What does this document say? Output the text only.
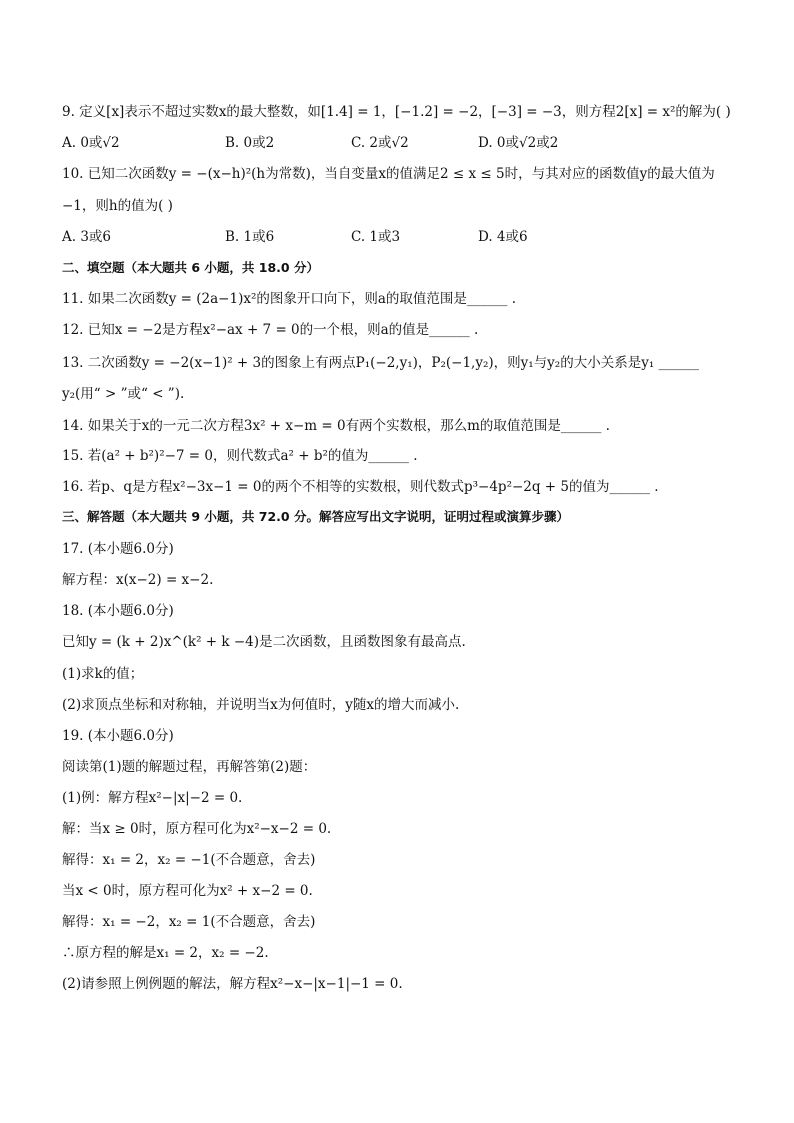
9. 定义[x]表示不超过实数x的最大整数，如[1.4] = 1，[−1.2] = −2，[−3] = −3，则方程2[x] = x²的解为( )
A. 0或√2	B. 0或2	C. 2或√2	D. 0或√2或2
10. 已知二次函数y = −(x−h)²(h为常数)，当自变量x的值满足2 ≤ x ≤ 5时，与其对应的函数值y的最大值为
−1，则h的值为( )
A. 3或6	B. 1或6	C. 1或3	D. 4或6
二、填空题（本大题共 6 小题，共 18.0 分）
11. 如果二次函数y = (2a−1)x²的图象开口向下，则a的取值范围是______ .
12. 已知x = −2是方程x²−ax + 7 = 0的一个根，则a的值是______ .
13. 二次函数y = −2(x−1)² + 3的图象上有两点P₁(−2,y₁)，P₂(−1,y₂)，则y₁与y₂的大小关系是y₁ ______
y₂(用“ > ”或“ < ”).
14. 如果关于x的一元二次方程3x² + x−m = 0有两个实数根，那么m的取值范围是______ .
15. 若(a² + b²)²−7 = 0，则代数式a² + b²的值为______ .
16. 若p、q是方程x²−3x−1 = 0的两个不相等的实数根，则代数式p³−4p²−2q + 5的值为______ .
三、解答题（本大题共 9 小题，共 72.0 分。解答应写出文字说明，证明过程或演算步骤）
17. (本小题6.0分)
解方程：x(x−2) = x−2.
18. (本小题6.0分)
已知y = (k + 2)x^(k² + k −4)是二次函数，且函数图象有最高点.
(1)求k的值；
(2)求顶点坐标和对称轴，并说明当x为何值时，y随x的增大而减小.
19. (本小题6.0分)
阅读第(1)题的解题过程，再解答第(2)题：
(1)例：解方程x²−|x|−2 = 0.
解：当x ≥ 0时，原方程可化为x²−x−2 = 0.
解得：x₁ = 2，x₂ = −1(不合题意，舍去)
当x < 0时，原方程可化为x² + x−2 = 0.
解得：x₁ = −2，x₂ = 1(不合题意，舍去)
∴原方程的解是x₁ = 2，x₂ = −2.
(2)请参照上例例题的解法，解方程x²−x−|x−1|−1 = 0.
